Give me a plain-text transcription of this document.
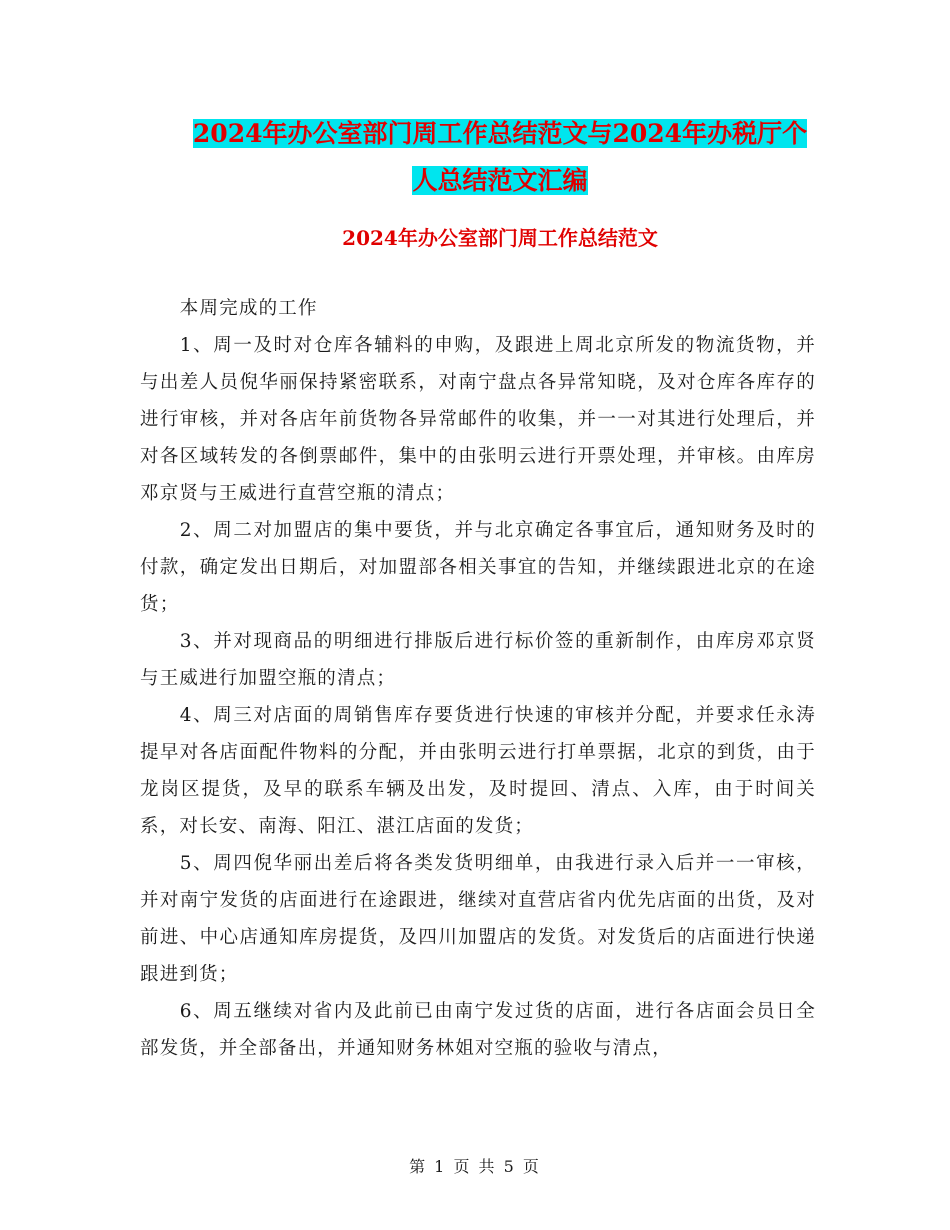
2024年办公室部门周工作总结范文与2024年办税厅个
人总结范文汇编
2024年办公室部门周工作总结范文

本周完成的工作

1、周一及时对仓库各辅料的申购，及跟进上周北京所发的物流货物，并与出差人员倪华丽保持紧密联系，对南宁盘点各异常知晓，及对仓库各库存的进行审核，并对各店年前货物各异常邮件的收集，并一一对其进行处理后，并对各区域转发的各倒票邮件，集中的由张明云进行开票处理，并审核。由库房邓京贤与王威进行直营空瓶的清点；

2、周二对加盟店的集中要货，并与北京确定各事宜后，通知财务及时的付款，确定发出日期后，对加盟部各相关事宜的告知，并继续跟进北京的在途货；

3、并对现商品的明细进行排版后进行标价签的重新制作，由库房邓京贤与王威进行加盟空瓶的清点；

4、周三对店面的周销售库存要货进行快速的审核并分配，并要求任永涛提早对各店面配件物料的分配，并由张明云进行打单票据，北京的到货，由于龙岗区提货，及早的联系车辆及出发，及时提回、清点、入库，由于时间关系，对长安、南海、阳江、湛江店面的发货；

5、周四倪华丽出差后将各类发货明细单，由我进行录入后并一一审核，并对南宁发货的店面进行在途跟进，继续对直营店省内优先店面的出货，及对前进、中心店通知库房提货，及四川加盟店的发货。对发货后的店面进行快递跟进到货；

6、周五继续对省内及此前已由南宁发过货的店面，进行各店面会员日全部发货，并全部备出，并通知财务林姐对空瓶的验收与清点，

第 1 页 共 5 页
